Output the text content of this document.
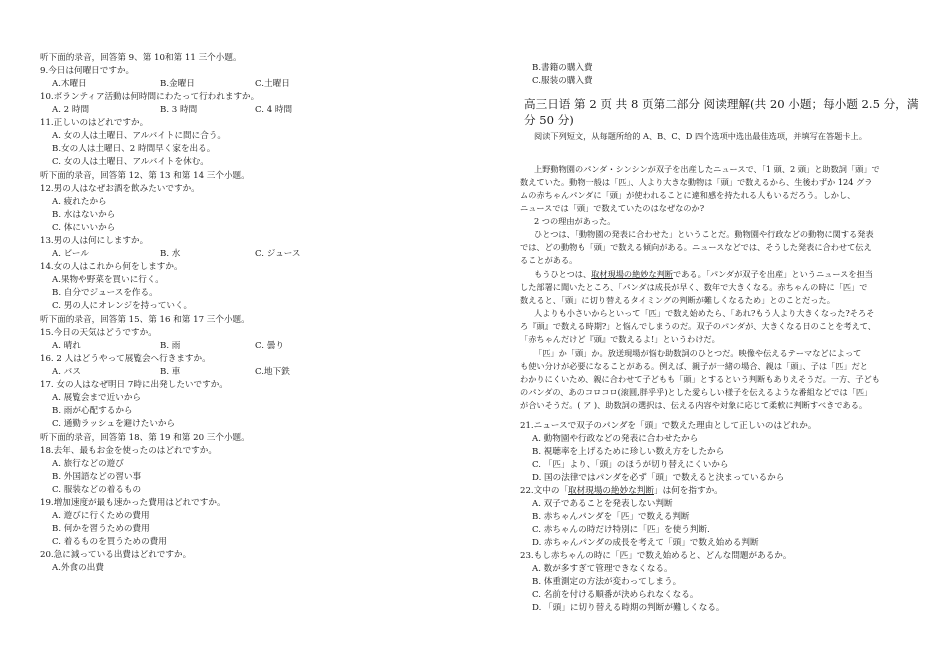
听下面的录音，回答第 9、第 10和第 11 三个小题。
9.今日は何曜日ですか。
A.木曜日	B.金曜日	C.土曜日
10.ボランティア活動は何時間にわたって行われますか。
A. 2 時間	B. 3 時間	C. 4 時間
11.正しいのはどれですか。
A. 女の人は土曜日、アルバイトに間に合う。
B.女の人は土曜日、2 時間早く家を出る。
C. 女の人は土曜日、アルバイトを休む。
听下面的录音，回答第 12、第 13 和第 14 三个小题。
12.男の人はなぜお酒を飲みたいですか。
A. 疲れたから
B. 水はないから
C. 体にいいから
13.男の人は何にしますか。
A. ビール	B. 水	C. ジュース
14.女の人はこれから何をしますか。
A.果物や野菜を買いに行く。
B. 自分でジュースを作る。
C. 男の人にオレンジを持っていく。
听下面的录音，回答第 15、第 16 和第 17 三个小题。
15.今日の天気はどうですか。
A. 晴れ	B. 雨	C. 曇り
16. 2 人はどうやって展覧会へ行きますか。
A. バス	B. 車	C.地下鉄
17. 女の人はなぜ明日 7時に出発したいですか。
A. 展覧会まで近いから
B. 雨が心配するから
C. 通勤ラッシュを避けたいから
听下面的录音，回答第 18、第 19 和第 20 三个小题。
18.去年、最もお金を使ったのはどれですか。
A. 旅行などの遊び
B. 外国語などの習い事
C. 服装などの着るもの
19.増加速度が最も速かった費用はどれですか。
A. 遊びに行くための費用
B. 何かを習うための費用
C. 着るものを買うための費用
20.急に減っている出費はどれですか。
A.外食の出費
高三日语 第 2 页 共 8 页第二部分 阅读理解(共 20 小题；每小题 2.5 分，满
分 50 分)
阅读下列短文，从每题所给的 A、B、C、D 四个选项中选出最佳选项，并填写在答题卡上。
B.書籍の購入費
C.服装の購入費
上野動物園のパンダ・シンシンが双子を出産したニュースで、「1 頭、2 頭」と助数詞「頭」で
数えていた。動物一般は「匹」、人より大きな動物は「頭」で数えるから、生後わずか 124 グラ
ムの赤ちゃんパンダに「頭」が使われることに違和感を持たれる人もいるだろう。しかし、
ニュースでは「頭」で数えていたのはなぜなのか?
2 つの理由があった。
ひとつは、「動物園の発表に合わせた」ということだ。動物園や行政などの動物に関する発表
では、どの動物も「頭」で数える傾向がある。ニュースなどでは、そうした発表に合わせて伝え
ることがある。
もうひとつは、取材現場の絶妙な判断である。「パンダが双子を出産」というニュースを担当
した部署に聞いたところ、「パンダは成長が早く、数年で大きくなる。赤ちゃんの時に「匹」で
数えると、「頭」に切り替えるタイミングの判断が難しくなるため」とのことだった。
人よりも小さいからといって「匹」で数え始めたら、「あれ?もう人より大きくなった?そろそ
ろ『頭』で数える時期?」と悩んでしまうのだ。双子のパンダが、大きくなる日のことを考えて、
「赤ちゃんだけど『頭』で数えるよ!」というわけだ。
「匹」か「頭」か。放送現場が悩む助数詞のひとつだ。映像や伝えるテーマなどによって
も使い分けが必要になることがある。例えば、親子が一緒の場合、親は「頭」、子は「匹」だと
わかりにくいため、親に合わせて子どもも「頭」とするという判断もありえそうだ。一方、子ども
のパンダの、あのコロコロ(滚圆,胖乎乎)とした愛らしい様子を伝えるような番組などでは「匹」
が合いそうだ。( ア )、助数詞の選択は、伝える内容や対象に応じて柔軟に判断すべきである。
21.ニュースで双子のパンダを「頭」で数えた理由として正しいのはどれか。
A. 動物園や行政などの発表に合わせたから
B. 視聴率を上げるために珍しい数え方をしたから
C. 「匹」より、「頭」のほうが切り替えにくいから
D. 国の法律ではパンダを必ず「頭」で数えると決まっているから
22.文中の「取材現場の絶妙な判断」は何を指すか。
A. 双子であることを発表しない判断
B. 赤ちゃんパンダを「匹」で数える判断
C. 赤ちゃんの時だけ特別に「匹」を使う判断.
D. 赤ちゃんパンダの成長を考えて「頭」で数え始める判断
23.もし赤ちゃんの時に「匹」で数え始めると、どんな問題があるか。
A. 数が多すぎて管理できなくなる。
B. 体重測定の方法が変わってしまう。
C. 名前を付ける順番が決められなくなる。
D. 「頭」に切り替える時期の判断が難しくなる。
